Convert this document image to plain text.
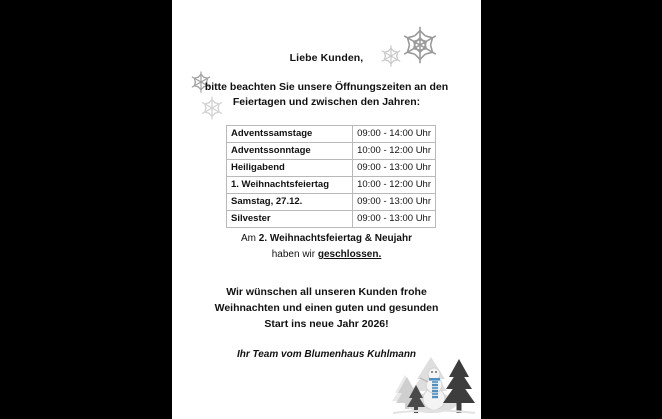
Liebe Kunden,
bitte beachten Sie unsere Öffnungszeiten an den
Feiertagen und zwischen den Jahren:
Adventssamstage	09:00 - 14:00 Uhr
Adventssonntage	10:00 - 12:00 Uhr
Heiligabend	09:00 - 13:00 Uhr
1. Weihnachtsfeiertag	10:00 - 12:00 Uhr
Samstag, 27.12.	09:00 - 13:00 Uhr
Silvester	09:00 - 13:00 Uhr
Am 2. Weihnachtsfeiertag & Neujahr
haben wir geschlossen.
Wir wünschen all unseren Kunden frohe
Weihnachten und einen guten und gesunden
Start ins neue Jahr 2026!
Ihr Team vom Blumenhaus Kuhlmann
